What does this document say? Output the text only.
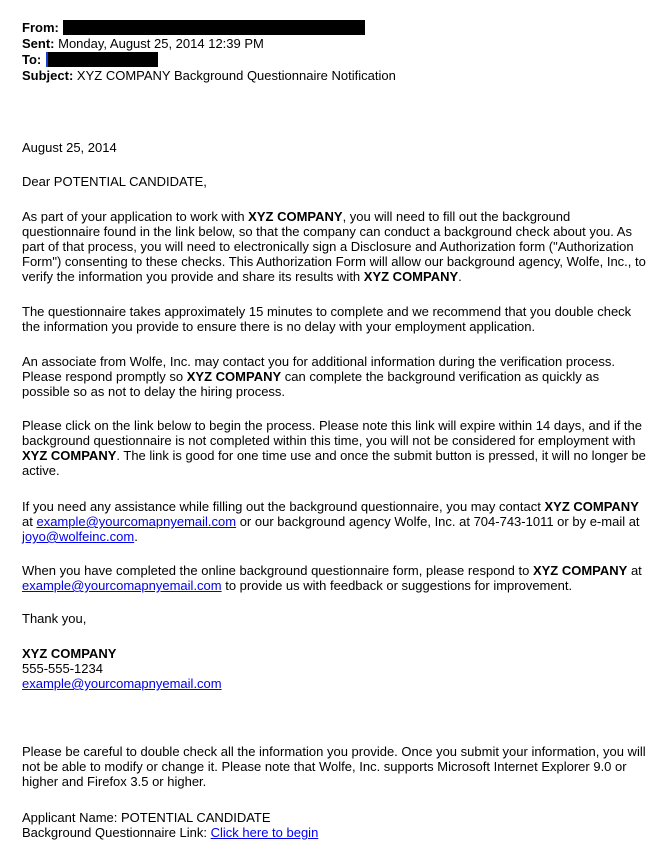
From:
Sent: Monday, August 25, 2014 12:39 PM
To:
Subject: XYZ COMPANY Background Questionnaire Notification

August 25, 2014

Dear POTENTIAL CANDIDATE,

As part of your application to work with XYZ COMPANY, you will need to fill out the background questionnaire found in the link below, so that the company can conduct a background check about you. As part of that process, you will need to electronically sign a Disclosure and Authorization form ("Authorization Form") consenting to these checks. This Authorization Form will allow our background agency, Wolfe, Inc., to verify the information you provide and share its results with XYZ COMPANY.

The questionnaire takes approximately 15 minutes to complete and we recommend that you double check the information you provide to ensure there is no delay with your employment application.

An associate from Wolfe, Inc. may contact you for additional information during the verification process. Please respond promptly so XYZ COMPANY can complete the background verification as quickly as possible so as not to delay the hiring process.

Please click on the link below to begin the process. Please note this link will expire within 14 days, and if the background questionnaire is not completed within this time, you will not be considered for employment with XYZ COMPANY. The link is good for one time use and once the submit button is pressed, it will no longer be active.

If you need any assistance while filling out the background questionnaire, you may contact XYZ COMPANY at example@yourcomapnyemail.com or our background agency Wolfe, Inc. at 704-743-1011 or by e-mail at joyo@wolfeinc.com.

When you have completed the online background questionnaire form, please respond to XYZ COMPANY at example@yourcomapnyemail.com to provide us with feedback or suggestions for improvement.

Thank you,

XYZ COMPANY
555-555-1234
example@yourcomapnyemail.com

Please be careful to double check all the information you provide. Once you submit your information, you will not be able to modify or change it. Please note that Wolfe, Inc. supports Microsoft Internet Explorer 9.0 or higher and Firefox 3.5 or higher.

Applicant Name: POTENTIAL CANDIDATE
Background Questionnaire Link: Click here to begin
